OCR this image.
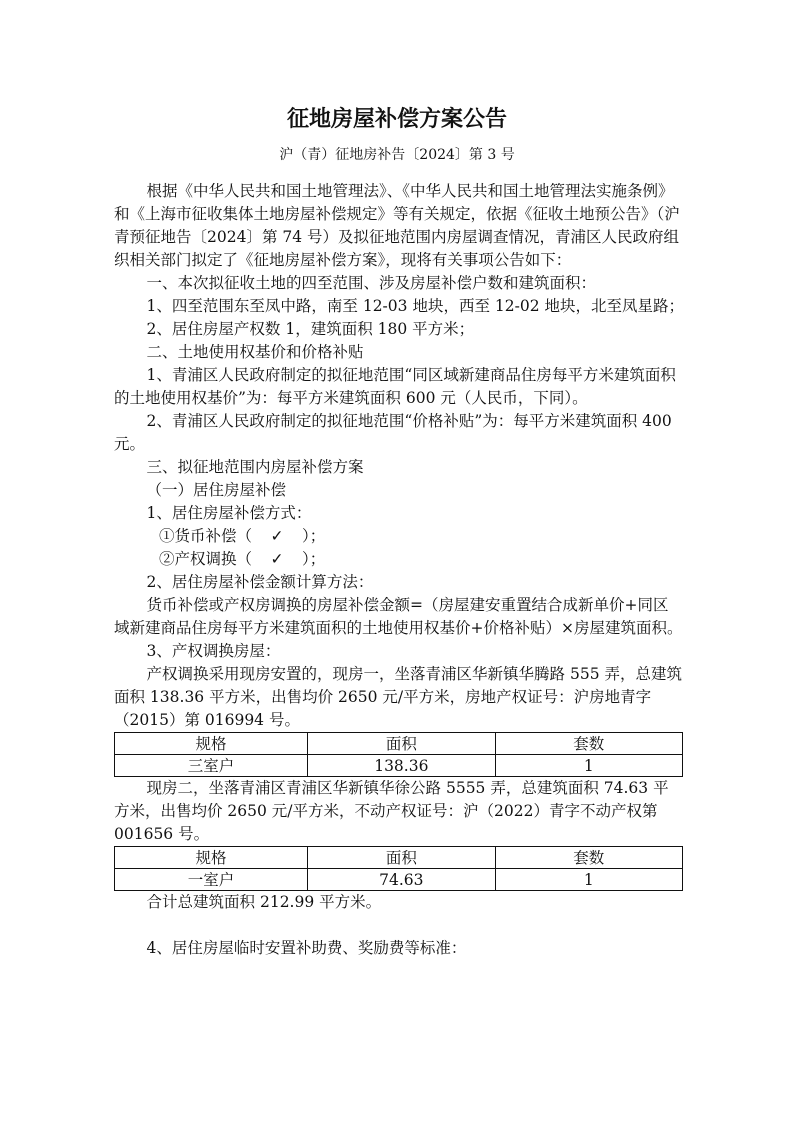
征地房屋补偿方案公告
沪（青）征地房补告〔2024〕第 3 号

根据《中华人民共和国土地管理法》、《中华人民共和国土地管理法实施条例》和《上海市征收集体土地房屋补偿规定》等有关规定，依据《征收土地预公告》（沪青预征地告〔2024〕第 74 号）及拟征地范围内房屋调查情况，青浦区人民政府组织相关部门拟定了《征地房屋补偿方案》，现将有关事项公告如下：

一、本次拟征收土地的四至范围、涉及房屋补偿户数和建筑面积：

1、四至范围东至凤中路，南至 12-03 地块，西至 12-02 地块，北至凤星路；

2、居住房屋产权数 1，建筑面积 180 平方米；

二、土地使用权基价和价格补贴

1、青浦区人民政府制定的拟征地范围“同区域新建商品住房每平方米建筑面积的土地使用权基价”为：每平方米建筑面积 600 元（人民币，下同）。

2、青浦区人民政府制定的拟征地范围“价格补贴”为：每平方米建筑面积 400 元。

三、拟征地范围内房屋补偿方案

（一）居住房屋补偿

1、居住房屋补偿方式：

①货币补偿（ ✓ ）；

②产权调换（ ✓ ）；

2、居住房屋补偿金额计算方法：

货币补偿或产权房调换的房屋补偿金额=（房屋建安重置结合成新单价+同区域新建商品住房每平方米建筑面积的土地使用权基价+价格补贴）×房屋建筑面积。

3、产权调换房屋：

产权调换采用现房安置的，现房一，坐落青浦区华新镇华腾路 555 弄，总建筑面积 138.36 平方米，出售均价 2650 元/平方米，房地产权证号：沪房地青字（2015）第 016994 号。

规格	面积	套数
三室户	138.36	1

现房二，坐落青浦区青浦区华新镇华徐公路 5555 弄，总建筑面积 74.63 平方米，出售均价 2650 元/平方米，不动产权证号：沪（2022）青字不动产权第 001656 号。

规格	面积	套数
一室户	74.63	1

合计总建筑面积 212.99 平方米。

4、居住房屋临时安置补助费、奖励费等标准：
